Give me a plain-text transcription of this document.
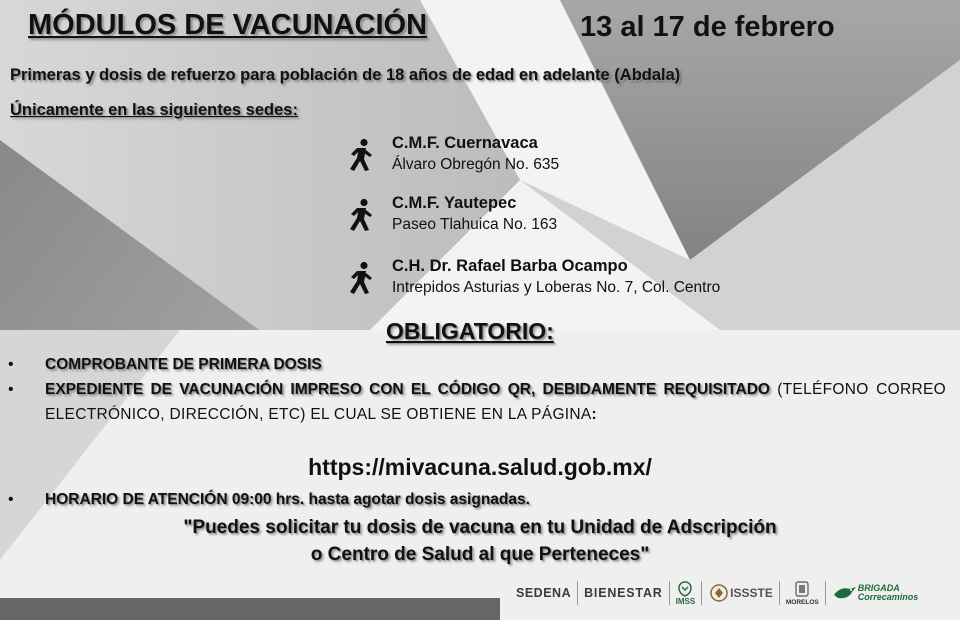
MÓDULOS DE VACUNACIÓN	13 al 17 de febrero
Primeras y dosis de refuerzo para población de 18 años de edad en adelante (Abdala)
Únicamente en las siguientes sedes:
C.M.F. Cuernavaca
Álvaro Obregón No. 635
C.M.F. Yautepec
Paseo Tlahuica No. 163
C.H. Dr. Rafael Barba Ocampo
Intrepidos Asturias y Loberas No. 7, Col. Centro
OBLIGATORIO:
• COMPROBANTE DE PRIMERA DOSIS
• EXPEDIENTE DE VACUNACIÓN IMPRESO CON EL CÓDIGO QR, DEBIDAMENTE REQUISITADO (TELÉFONO CORREO ELECTRÓNICO, DIRECCIÓN, ETC) EL CUAL SE OBTIENE EN LA PÁGINA:
https://mivacuna.salud.gob.mx/
• HORARIO DE ATENCIÓN 09:00 hrs. hasta agotar dosis asignadas.
"Puedes solicitar tu dosis de vacuna en tu Unidad de Adscripción
o Centro de Salud al que Perteneces"
SEDENA BIENESTAR
IMSS
ISSSTE
MORELOS
BRIGADA
Correcaminos
